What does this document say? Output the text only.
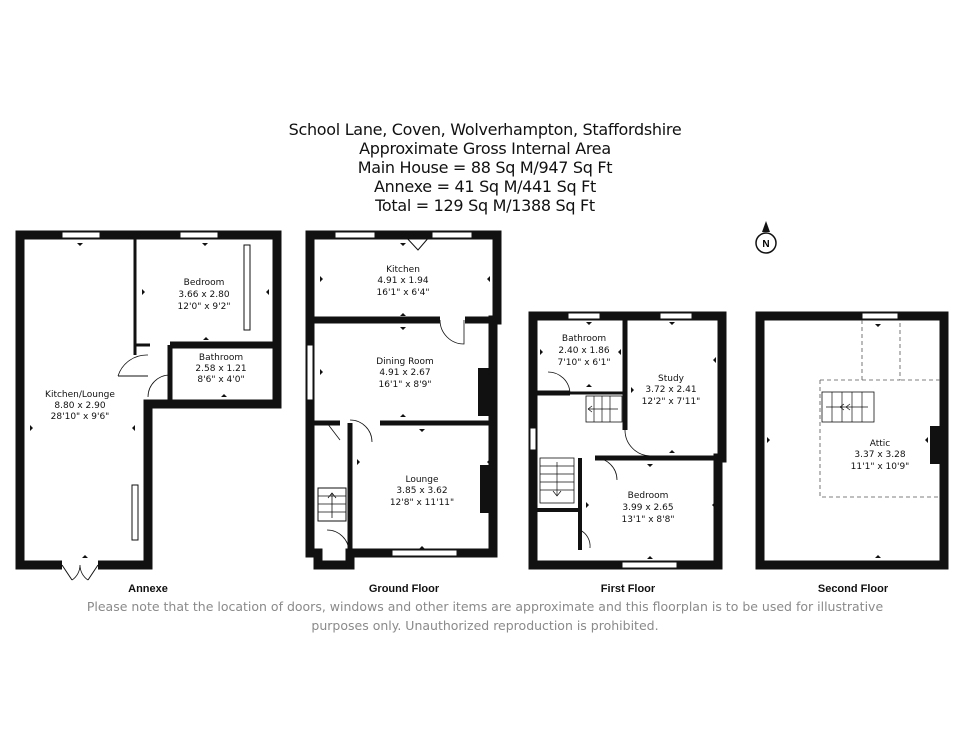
School Lane, Coven, Wolverhampton, Staffordshire
Approximate Gross Internal Area
Main House = 88 Sq M/947 Sq Ft
Annexe = 41 Sq M/441 Sq Ft
Total = 129 Sq M/1388 Sq Ft
N
Bedroom
3.66 x 2.80
12'0" x 9'2"
Bathroom
2.58 x 1.21
8'6" x 4'0"
Kitchen/Lounge
8.80 x 2.90
28'10" x 9'6"
Kitchen
4.91 x 1.94
16'1" x 6'4"
Dining Room
4.91 x 2.67
16'1" x 8'9"
Lounge
3.85 x 3.62
12'8" x 11'11"
Bathroom
2.40 x 1.86
7'10" x 6'1"
Study
3.72 x 2.41
12'2" x 7'11"
Bedroom
3.99 x 2.65
13'1" x 8'8"
Attic
3.37 x 3.28
11'1" x 10'9"
Annexe	Ground Floor	First Floor	Second Floor
Please note that the location of doors, windows and other items are approximate and this floorplan is to be used for illustrative
purposes only. Unauthorized reproduction is prohibited.
